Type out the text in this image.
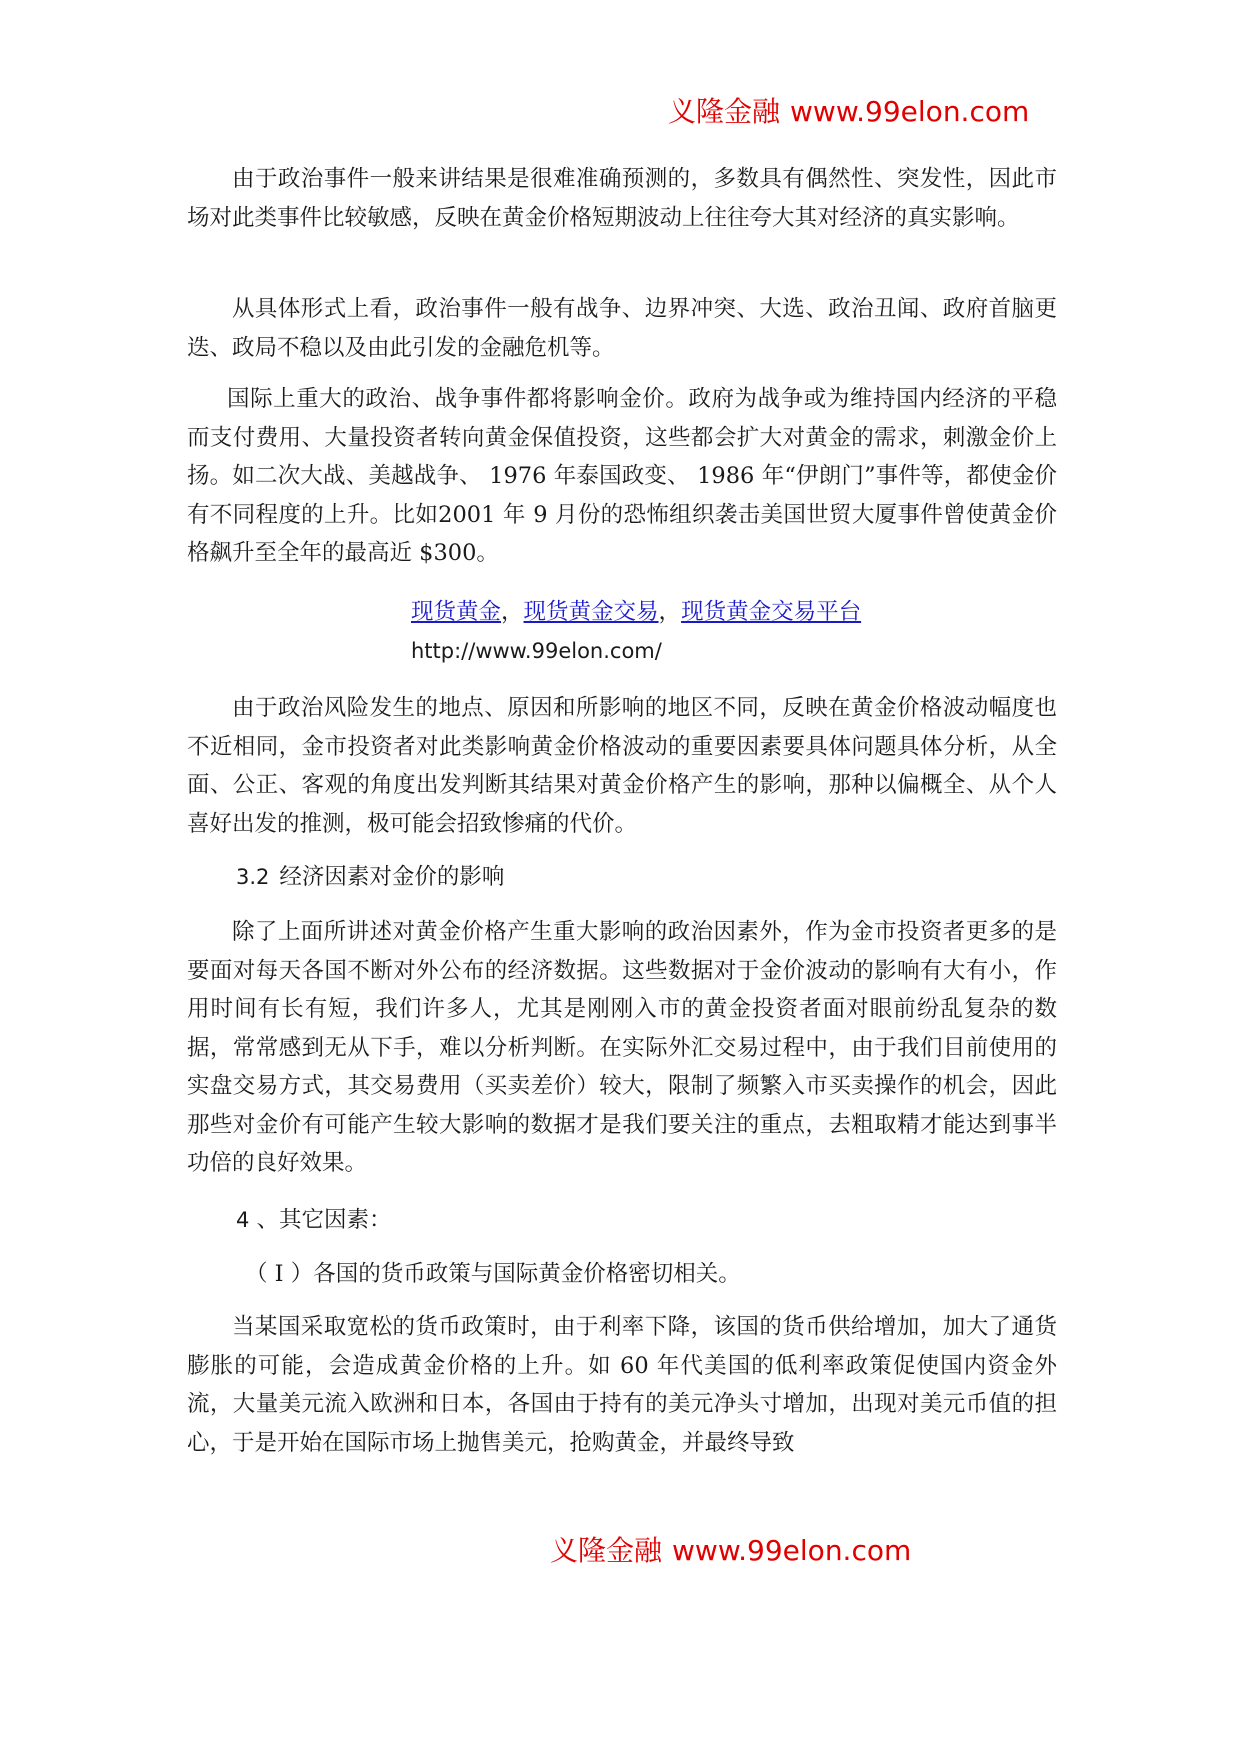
义隆金融 www.99elon.com

由于政治事件一般来讲结果是很难准确预测的，多数具有偶然性、突发性，因此市场对此类事件比较敏感，反映在黄金价格短期波动上往往夸大其对经济的真实影响。

从具体形式上看，政治事件一般有战争、边界冲突、大选、政治丑闻、政府首脑更迭、政局不稳以及由此引发的金融危机等。

国际上重大的政治、战争事件都将影响金价。政府为战争或为维持国内经济的平稳而支付费用、大量投资者转向黄金保值投资，这些都会扩大对黄金的需求，刺激金价上扬。如二次大战、美越战争、 1976 年泰国政变、 1986 年“伊朗门”事件等，都使金价有不同程度的上升。比如2001 年 9 月份的恐怖组织袭击美国世贸大厦事件曾使黄金价格飙升至全年的最高近 $300。

现货黄金，现货黄金交易，现货黄金交易平台
http://www.99elon.com/

由于政治风险发生的地点、原因和所影响的地区不同，反映在黄金价格波动幅度也不近相同，金市投资者对此类影响黄金价格波动的重要因素要具体问题具体分析，从全面、公正、客观的角度出发判断其结果对黄金价格产生的影响，那种以偏概全、从个人喜好出发的推测，极可能会招致惨痛的代价。

3.2 经济因素对金价的影响

除了上面所讲述对黄金价格产生重大影响的政治因素外，作为金市投资者更多的是要面对每天各国不断对外公布的经济数据。这些数据对于金价波动的影响有大有小，作用时间有长有短，我们许多人，尤其是刚刚入市的黄金投资者面对眼前纷乱复杂的数据，常常感到无从下手，难以分析判断。在实际外汇交易过程中，由于我们目前使用的实盘交易方式，其交易费用（买卖差价）较大，限制了频繁入市买卖操作的机会，因此那些对金价有可能产生较大影响的数据才是我们要关注的重点，去粗取精才能达到事半功倍的良好效果。

4 、其它因素：
（ Ⅰ ）各国的货币政策与国际黄金价格密切相关。

当某国采取宽松的货币政策时，由于利率下降，该国的货币供给增加，加大了通货膨胀的可能，会造成黄金价格的上升。如 60 年代美国的低利率政策促使国内资金外流，大量美元流入欧洲和日本，各国由于持有的美元净头寸增加，出现对美元币值的担心，于是开始在国际市场上抛售美元，抢购黄金，并最终导致

义隆金融 www.99elon.com
